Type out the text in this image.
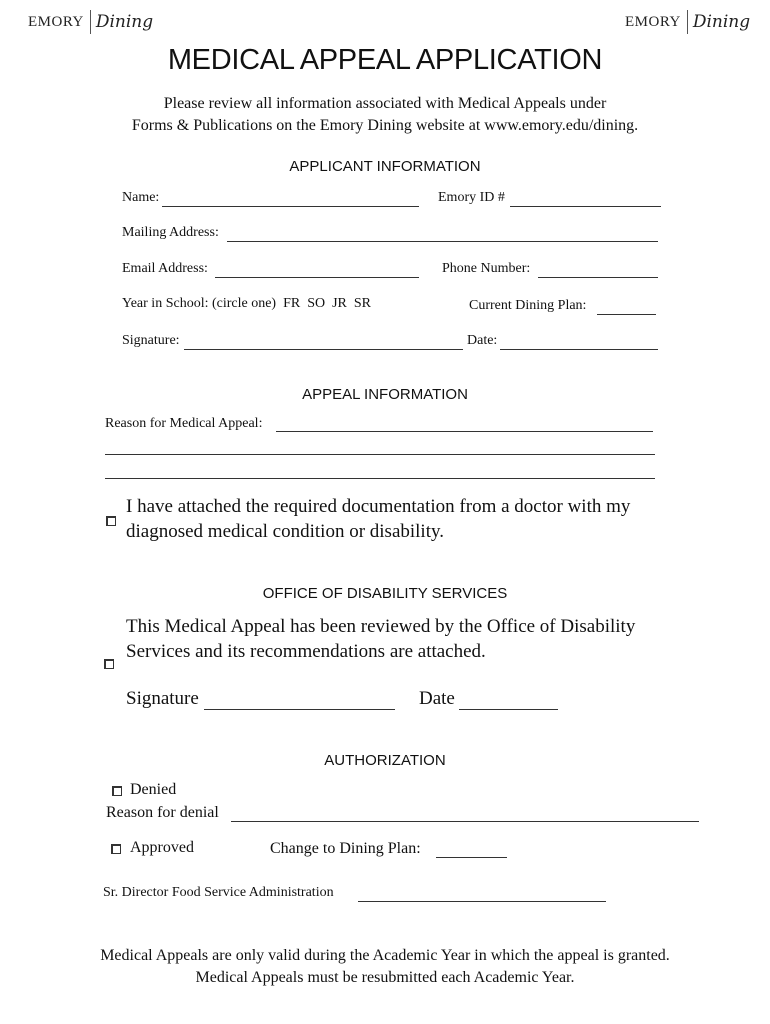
EMORY Dining	EMORY Dining
MEDICAL APPEAL APPLICATION
Please review all information associated with Medical Appeals under
Forms & Publications on the Emory Dining website at www.emory.edu/dining.
APPLICANT INFORMATION
Name:	Emory ID #
Mailing Address:
Email Address:	Phone Number:
Year in School: (circle one)  FR  SO  JR  SR	Current Dining Plan:
Signature:	Date:
APPEAL INFORMATION
Reason for Medical Appeal:
I have attached the required documentation from a doctor with my
diagnosed medical condition or disability.
OFFICE OF DISABILITY SERVICES
This Medical Appeal has been reviewed by the Office of Disability
Services and its recommendations are attached.
Signature	Date
AUTHORIZATION
Denied
Reason for denial
Approved	Change to Dining Plan:
Sr. Director Food Service Administration
Medical Appeals are only valid during the Academic Year in which the appeal is granted.
Medical Appeals must be resubmitted each Academic Year.
